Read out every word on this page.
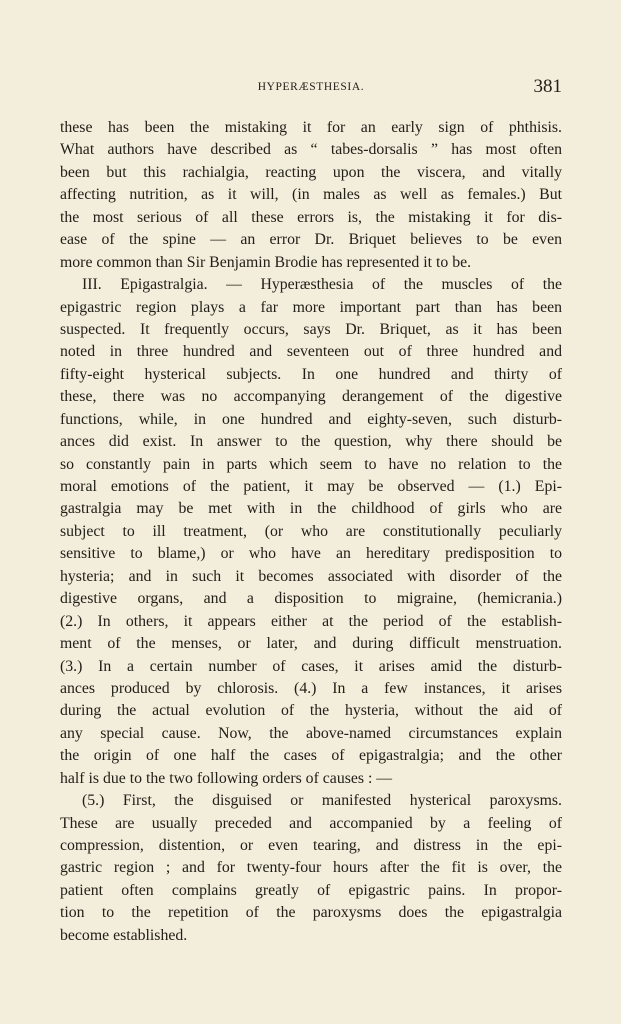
HYPERÆSTHESIA.	381
these has been the mistaking it for an early sign of phthisis.
What authors have described as “ tabes-dorsalis ” has most often
been but this rachialgia, reacting upon the viscera, and vitally
affecting nutrition, as it will, (in males as well as females.) But
the most serious of all these errors is, the mistaking it for dis-
ease of the spine — an error Dr. Briquet believes to be even
more common than Sir Benjamin Brodie has represented it to be.
III. Epigastralgia. — Hyperæsthesia of the muscles of the
epigastric region plays a far more important part than has been
suspected. It frequently occurs, says Dr. Briquet, as it has been
noted in three hundred and seventeen out of three hundred and
fifty-eight hysterical subjects. In one hundred and thirty of
these, there was no accompanying derangement of the digestive
functions, while, in one hundred and eighty-seven, such disturb-
ances did exist. In answer to the question, why there should be
so constantly pain in parts which seem to have no relation to the
moral emotions of the patient, it may be observed — (1.) Epi-
gastralgia may be met with in the childhood of girls who are
subject to ill treatment, (or who are constitutionally peculiarly
sensitive to blame,) or who have an hereditary predisposition to
hysteria; and in such it becomes associated with disorder of the
digestive organs, and a disposition to migraine, (hemicrania.)
(2.) In others, it appears either at the period of the establish-
ment of the menses, or later, and during difficult menstruation.
(3.) In a certain number of cases, it arises amid the disturb-
ances produced by chlorosis. (4.) In a few instances, it arises
during the actual evolution of the hysteria, without the aid of
any special cause. Now, the above-named circumstances explain
the origin of one half the cases of epigastralgia; and the other
half is due to the two following orders of causes : —
(5.) First, the disguised or manifested hysterical paroxysms.
These are usually preceded and accompanied by a feeling of
compression, distention, or even tearing, and distress in the epi-
gastric region ; and for twenty-four hours after the fit is over, the
patient often complains greatly of epigastric pains. In propor-
tion to the repetition of the paroxysms does the epigastralgia
become established.
